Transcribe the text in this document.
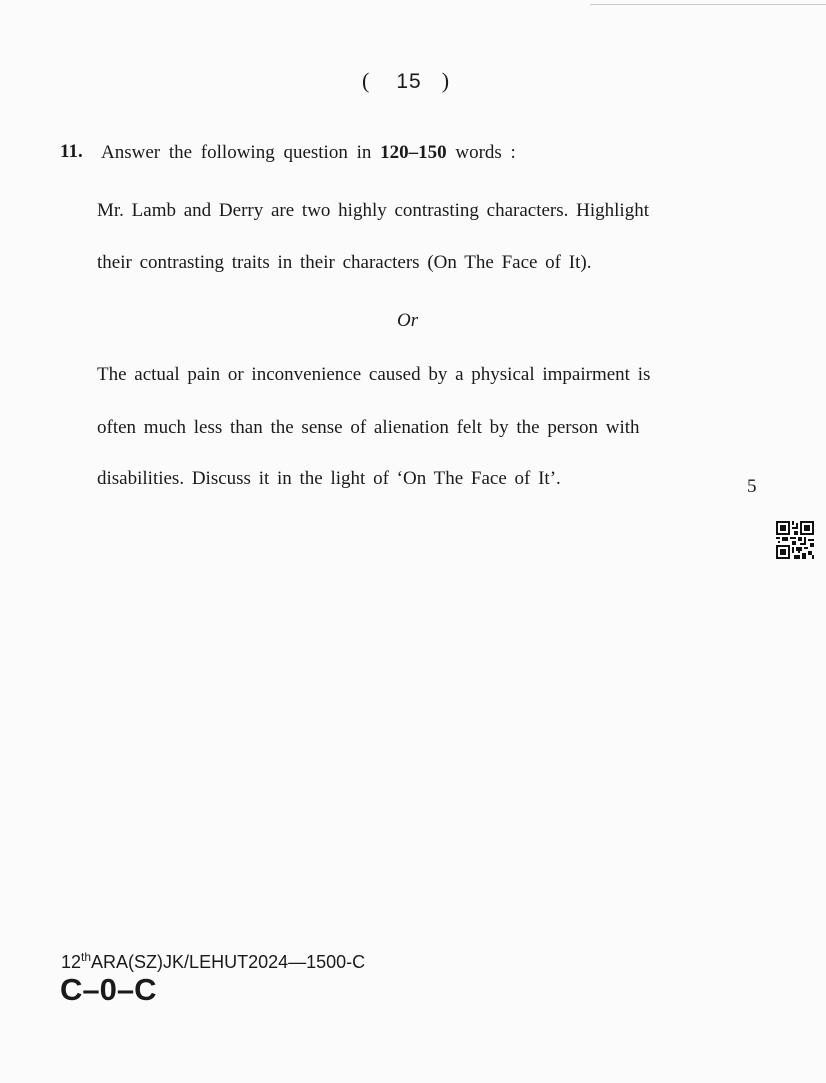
( 15 )
11. Answer the following question in 120–150 words :
Mr. Lamb and Derry are two highly contrasting characters. Highlight
their contrasting traits in their characters (On The Face of It).
Or
The actual pain or inconvenience caused by a physical impairment is
often much less than the sense of alienation felt by the person with
disabilities. Discuss it in the light of ‘On The Face of It’.	5
12thARA(SZ)JK/LEHUT2024—1500-C
C–0–C
